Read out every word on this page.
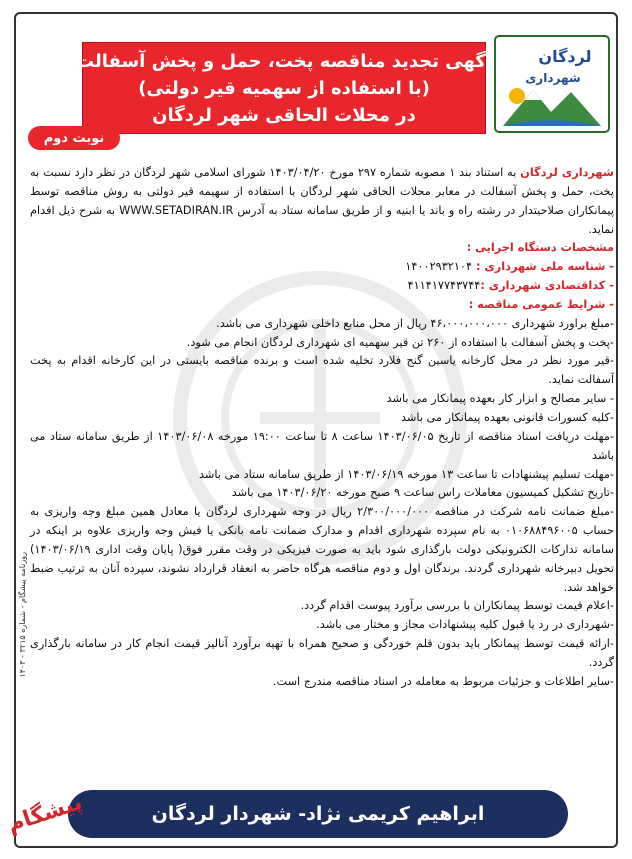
لردگان
شهرداری
آگهی تجدید مناقصه پخت، حمل و پخش آسفالت
(با استفاده از سهمیه قیر دولتی)
در محلات الحاقی شهر لردگان
نوبت دوم

شهرداری لردگان به استناد بند ۱ مصوبه شماره ۲۹۷ مورخ ۱۴۰۳/۰۴/۲۰ شورای اسلامی شهر لردگان در نظر دارد نسبت به پخت، حمل و پخش آسفالت در معابر محلات الحاقی شهر لردگان با استفاده از سهیمه قیر دولتی به روش مناقصه توسط پیمانکاران صلاحیتدار در رشته راه و باند یا ابنیه و از طریق سامانه ستاد به آدرس WWW.SETADIRAN.IR به شرح ذیل اقدام نماید.

مشخصات دستگاه اجرایی :

- شناسه ملی شهرداری : ۱۴۰۰۲۹۳۲۱۰۴

- کداقتصادی شهرداری :۴۱۱۴۱۷۷۴۳۷۴۴

- شرایط عمومی مناقصه :

-مبلغ براورد شهرداری ۴۶،۰۰۰،۰۰۰،۰۰۰ ریال از محل منابع داخلی شهرداری می باشد.

-پخت و پخش آسفالت با استفاده از ۲۶۰ تن قیر سهمیه ای شهرداری لردگان انجام می شود.

-قیر مورد نظر در محل کارخانه یاسین گنج فلارد تخلیه شده است و برنده مناقصه بایستی در این کارخانه اقدام به پخت آسفالت نماید.

- سایر مصالح و ابزار کار بعهده پیمانکار می باشد

-کلیه کسورات قانونی بعهده پیمانکار می باشد

-مهلت دریافت اسناد مناقصه از تاریخ ۱۴۰۳/۰۶/۰۵ ساعت ۸ تا ساعت ۱۹:۰۰ مورخه ۱۴۰۳/۰۶/۰۸ از طریق سامانه ستاد می باشد

-مهلت تسلیم پیشنهادات تا ساعت ۱۳ مورخه ۱۴۰۳/۰۶/۱۹ از طریق سامانه ستاد می باشد

-تاریخ تشکیل کمیسیون معاملات راس ساعت ۹ صبح مورخه ۱۴۰۳/۰۶/۲۰ می باشد

-مبلغ ضمانت نامه شرکت در مناقصه ۲/۳۰۰/۰۰۰/۰۰۰ ریال در وجه شهرداری لردگان یا معادل همین مبلغ وجه واریزی به حساب ۰۱۰۶۸۸۴۹۶۰۰۵ به نام سپرده شهرداری اقدام و مدارک ضمانت نامه بانکی یا فیش وجه واریزی علاوه بر اینکه در سامانه تدارکات الکترونیکی دولت بارگذاری شود باید به صورت فیزیکی در وقت مقرر فوق( پایان وقت اداری ۱۴۰۳/۰۶/۱۹) تحویل دبیرخانه شهرداری گردند. برندگان اول و دوم مناقصه هرگاه حاضر به انعقاد قرارداد نشوند، سپرده آنان به ترتیب ضبط خواهد شد.

-اعلام قیمت توسط پیمانکاران با بررسی برآورد پیوست اقدام گردد.

-شهرداری در رد یا قبول کلیه پیشنهادات مجاز و مختار می باشد.

-ارائه قیمت توسط پیمانکار باید بدون قلم خوردگی و صحیح همراه با تهیه برآورد آنالیز قیمت انجام کار در سامانه بارگذاری گردد.

-سایر اطلاعات و جزئیات مربوط به معامله در اسناد مناقصه مندرج است.

روزنامه پیشگام - شماره ۳۲۱۵ - ۱۴۰۳
ابراهیم کریمی نژاد- شهردار لردگان
پیشگام
